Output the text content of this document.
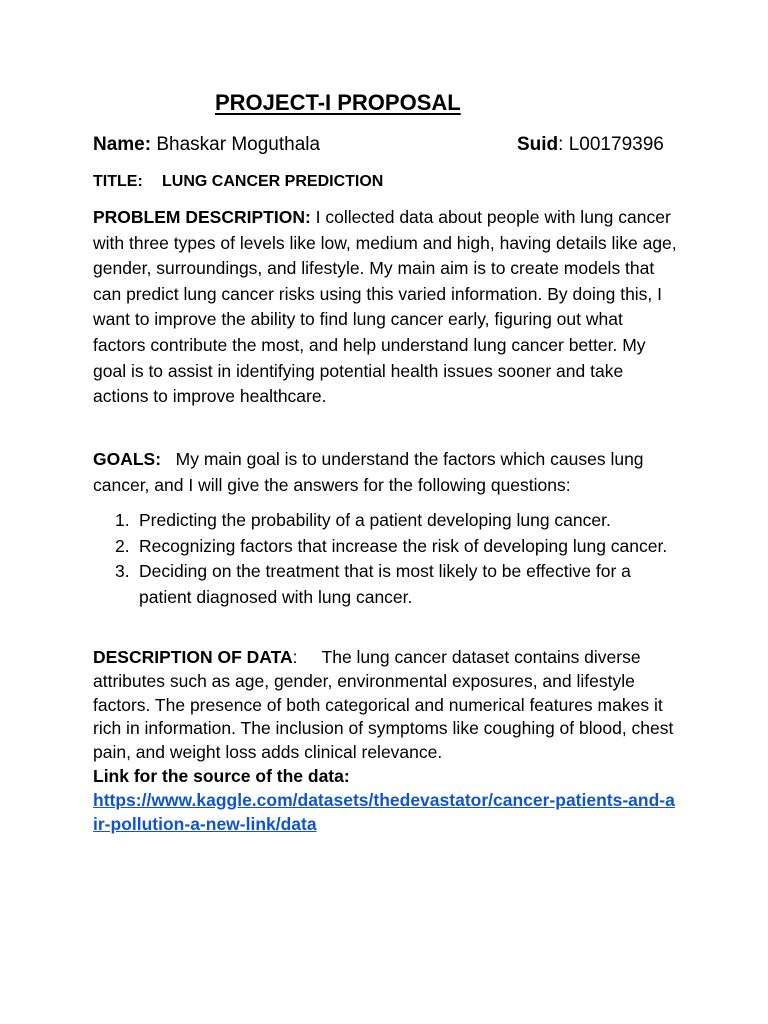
PROJECT-I PROPOSAL
Name: Bhaskar Moguthala	Suid: L00179396
TITLE: LUNG CANCER PREDICTION
PROBLEM DESCRIPTION: I collected data about people with lung cancer with three types of levels like low, medium and high, having details like age, gender, surroundings, and lifestyle. My main aim is to create models that can predict lung cancer risks using this varied information. By doing this, I want to improve the ability to find lung cancer early, figuring out what factors contribute the most, and help understand lung cancer better. My goal is to assist in identifying potential health issues sooner and take actions to improve healthcare.
GOALS: My main goal is to understand the factors which causes lung cancer, and I will give the answers for the following questions:
1. Predicting the probability of a patient developing lung cancer.
2. Recognizing factors that increase the risk of developing lung cancer.
3. Deciding on the treatment that is most likely to be effective for a patient diagnosed with lung cancer.
DESCRIPTION OF DATA: The lung cancer dataset contains diverse attributes such as age, gender, environmental exposures, and lifestyle factors. The presence of both categorical and numerical features makes it rich in information. The inclusion of symptoms like coughing of blood, chest pain, and weight loss adds clinical relevance.
Link for the source of the data:
https://www.kaggle.com/datasets/thedevastator/cancer-patients-and-air-pollution-a-new-link/data
